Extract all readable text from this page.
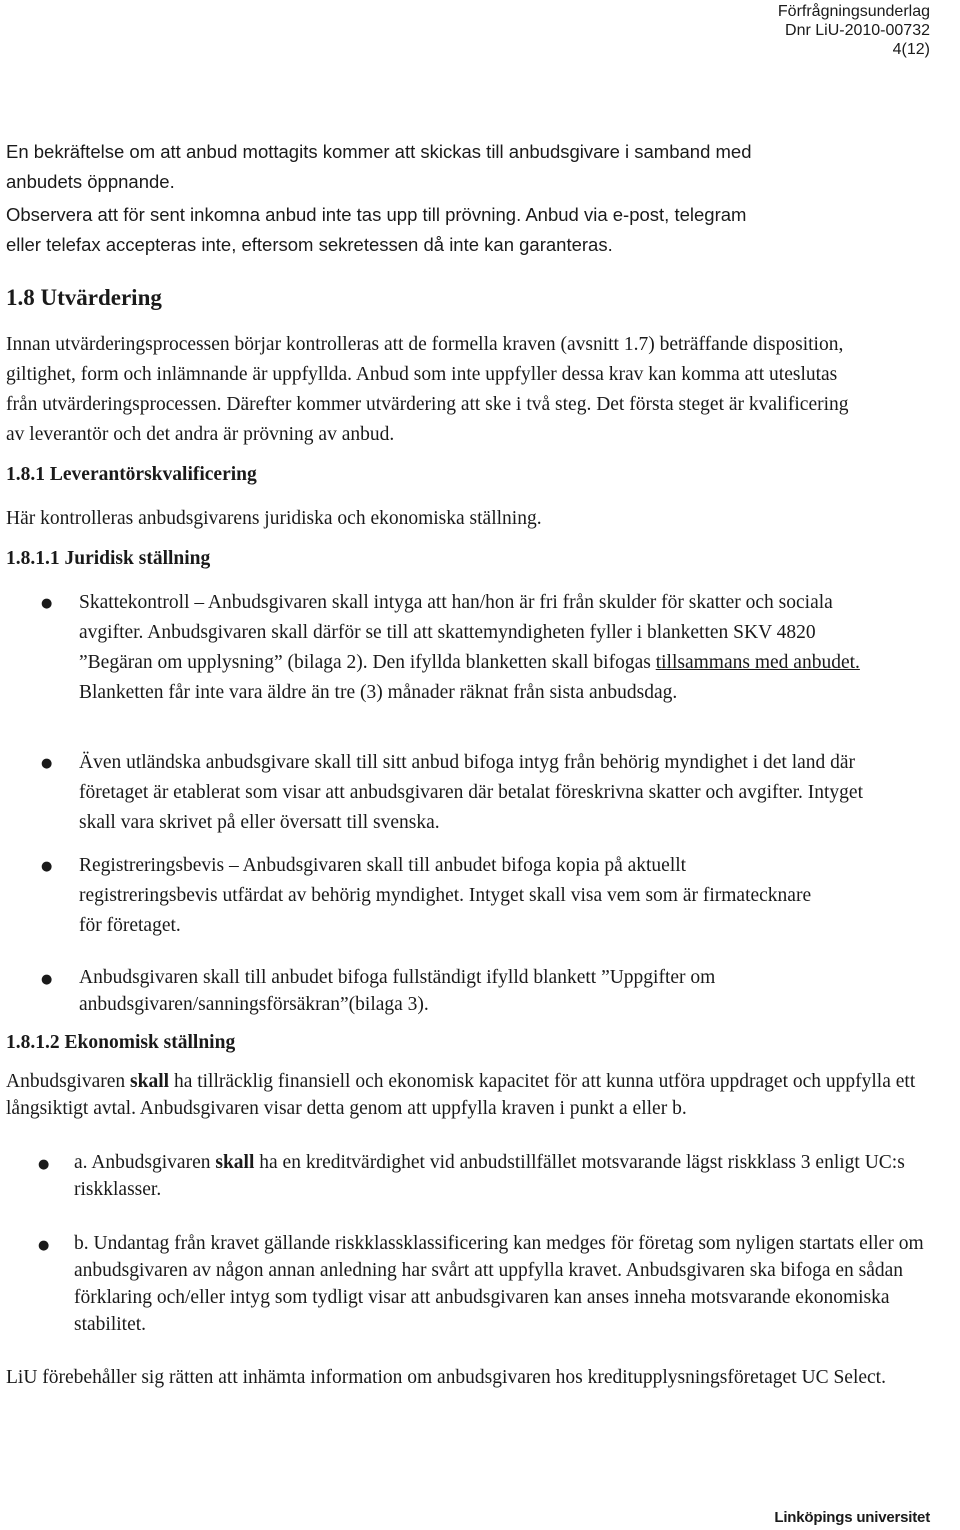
Förfrågningsunderlag
Dnr LiU-2010-00732
4(12)

En bekräftelse om att anbud mottagits kommer att skickas till anbudsgivare i samband med anbudets öppnande.

Observera att för sent inkomna anbud inte tas upp till prövning. Anbud via e-post, telegram eller telefax accepteras inte, eftersom sekretessen då inte kan garanteras.

1.8 Utvärdering

Innan utvärderingsprocessen börjar kontrolleras att de formella kraven (avsnitt 1.7) beträffande disposition, giltighet, form och inlämnande är uppfyllda. Anbud som inte uppfyller dessa krav kan komma att uteslutas från utvärderingsprocessen. Därefter kommer utvärdering att ske i två steg. Det första steget är kvalificering av leverantör och det andra är prövning av anbud.

1.8.1 Leverantörskvalificering

Här kontrolleras anbudsgivarens juridiska och ekonomiska ställning.

1.8.1.1 Juridisk ställning
● Skattekontroll – Anbudsgivaren skall intyga att han/hon är fri från skulder för skatter och sociala avgifter. Anbudsgivaren skall därför se till att skattemyndigheten fyller i blanketten SKV 4820 ”Begäran om upplysning” (bilaga 2). Den ifyllda blanketten skall bifogas tillsammans med anbudet. Blanketten får inte vara äldre än tre (3) månader räknat från sista anbudsdag.

● Även utländska anbudsgivare skall till sitt anbud bifoga intyg från behörig myndighet i det land där företaget är etablerat som visar att anbudsgivaren där betalat föreskrivna skatter och avgifter. Intyget skall vara skrivet på eller översatt till svenska.

● Registreringsbevis – Anbudsgivaren skall till anbudet bifoga kopia på aktuellt registreringsbevis utfärdat av behörig myndighet. Intyget skall visa vem som är firmatecknare för företaget.

● Anbudsgivaren skall till anbudet bifoga fullständigt ifylld blankett ”Uppgifter om anbudsgivaren/sanningsförsäkran”(bilaga 3).

1.8.1.2 Ekonomisk ställning

Anbudsgivaren skall ha tillräcklig finansiell och ekonomisk kapacitet för att kunna utföra uppdraget och uppfylla ett långsiktigt avtal. Anbudsgivaren visar detta genom att uppfylla kraven i punkt a eller b.

● a. Anbudsgivaren skall ha en kreditvärdighet vid anbudstillfället motsvarande lägst riskklass 3 enligt UC:s riskklasser.

● b. Undantag från kravet gällande riskklassklassificering kan medges för företag som nyligen startats eller om anbudsgivaren av någon annan anledning har svårt att uppfylla kravet. Anbudsgivaren ska bifoga en sådan förklaring och/eller intyg som tydligt visar att anbudsgivaren kan anses inneha motsvarande ekonomiska stabilitet.

LiU förebehåller sig rätten att inhämta information om anbudsgivaren hos kreditupplysningsföretaget UC Select.

Linköpings universitet
